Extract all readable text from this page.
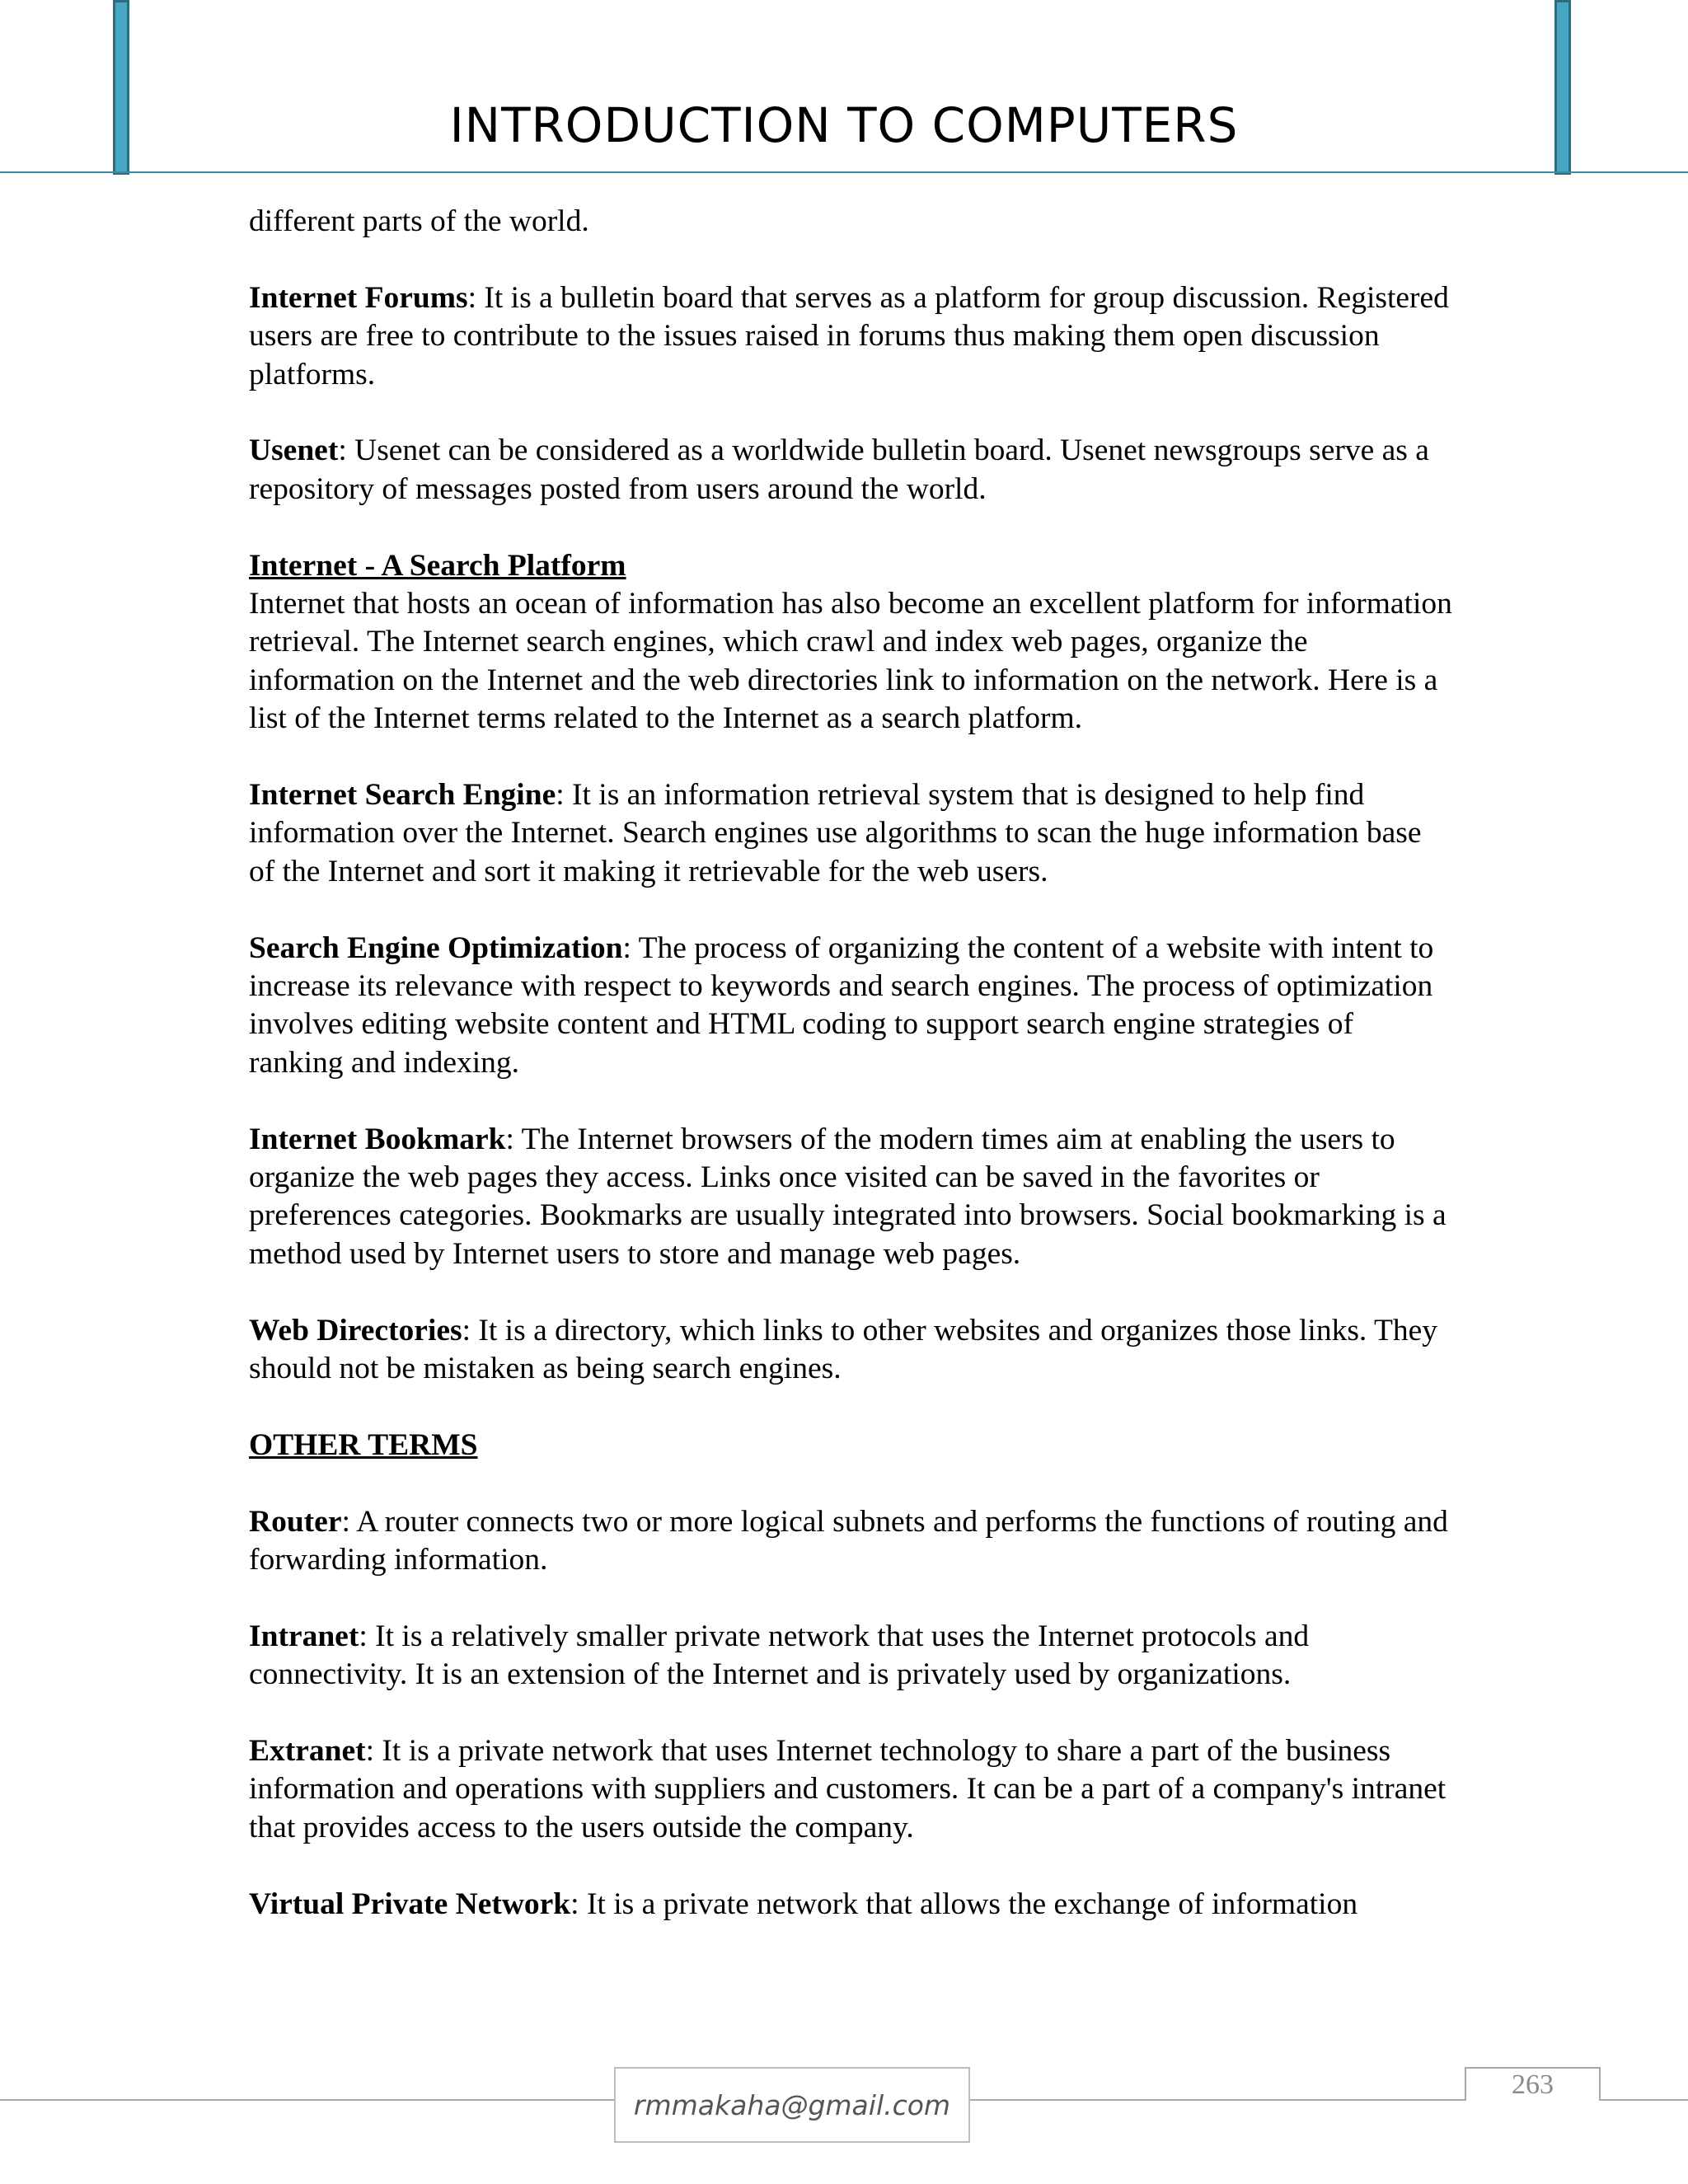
INTRODUCTION TO COMPUTERS

different parts of the world.

Internet Forums: It is a bulletin board that serves as a platform for group discussion. Registered users are free to contribute to the issues raised in forums thus making them open discussion platforms.

Usenet: Usenet can be considered as a worldwide bulletin board. Usenet newsgroups serve as a repository of messages posted from users around the world.

Internet - A Search Platform

Internet that hosts an ocean of information has also become an excellent platform for information retrieval. The Internet search engines, which crawl and index web pages, organize the information on the Internet and the web directories link to information on the network. Here is a list of the Internet terms related to the Internet as a search platform.

Internet Search Engine: It is an information retrieval system that is designed to help find information over the Internet. Search engines use algorithms to scan the huge information base of the Internet and sort it making it retrievable for the web users.

Search Engine Optimization: The process of organizing the content of a website with intent to increase its relevance with respect to keywords and search engines. The process of optimization involves editing website content and HTML coding to support search engine strategies of ranking and indexing.

Internet Bookmark: The Internet browsers of the modern times aim at enabling the users to organize the web pages they access. Links once visited can be saved in the favorites or preferences categories. Bookmarks are usually integrated into browsers. Social bookmarking is a method used by Internet users to store and manage web pages.

Web Directories: It is a directory, which links to other websites and organizes those links. They should not be mistaken as being search engines.

OTHER TERMS

Router: A router connects two or more logical subnets and performs the functions of routing and forwarding information.

Intranet: It is a relatively smaller private network that uses the Internet protocols and connectivity. It is an extension of the Internet and is privately used by organizations.

Extranet: It is a private network that uses Internet technology to share a part of the business information and operations with suppliers and customers. It can be a part of a company's intranet that provides access to the users outside the company.

Virtual Private Network: It is a private network that allows the exchange of information

rmmakaha@gmail.com
263
